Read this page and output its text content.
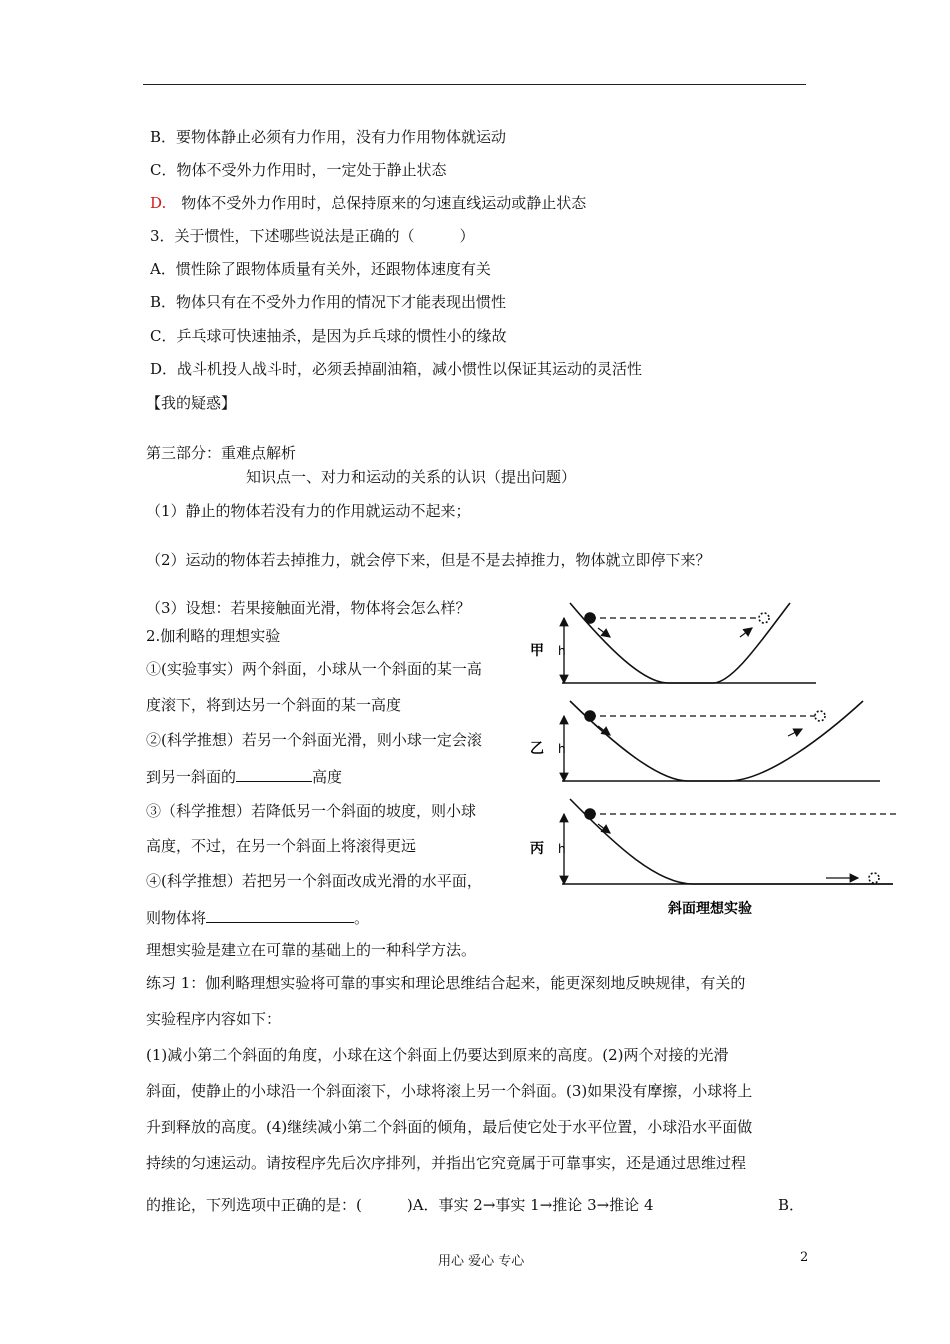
B．要物体静止必须有力作用，没有力作用物体就运动
C．物体不受外力作用时，一定处于静止状态
D.　 物体不受外力作用时，总保持原来的匀速直线运动或静止状态
3．关于惯性，下述哪些说法是正确的（　　　）
A．惯性除了跟物体质量有关外，还跟物体速度有关
B．物体只有在不受外力作用的情况下才能表现出惯性
C．乒乓球可快速抽杀，是因为乒乓球的惯性小的缘故
D．战斗机投人战斗时，必须丢掉副油箱，减小惯性以保证其运动的灵活性
【我的疑惑】
第三部分：重难点解析
知识点一、对力和运动的关系的认识（提出问题）
（1）静止的物体若没有力的作用就运动不起来；
（2）运动的物体若去掉推力，就会停下来，但是不是去掉推力，物体就立即停下来？
（3）设想：若果接触面光滑，物体将会怎么样？
2.伽利略的理想实验
①(实验事实）两个斜面，小球从一个斜面的某一高
度滚下，将到达另一个斜面的某一高度
②(科学推想）若另一个斜面光滑，则小球一定会滚
到另一斜面的	高度
③（科学推想）若降低另一个斜面的坡度，则小球
高度，不过，在另一个斜面上将滚得更远
④(科学推想）若把另一个斜面改成光滑的水平面，
则物体将	。
理想实验是建立在可靠的基础上的一种科学方法。
甲
乙
丙
h
h
h
斜面理想实验
练习 1：伽利略理想实验将可靠的事实和理论思维结合起来，能更深刻地反映规律，有关的
实验程序内容如下：
(1)减小第二个斜面的角度，小球在这个斜面上仍要达到原来的高度。(2)两个对接的光滑
斜面，使静止的小球沿一个斜面滚下，小球将滚上另一个斜面。(3)如果没有摩擦，小球将上
升到释放的高度。(4)继续减小第二个斜面的倾角，最后使它处于水平位置，小球沿水平面做
持续的匀速运动。请按程序先后次序排列，并指出它究竟属于可靠事实，还是通过思维过程
的推论，下列选项中正确的是：(　　　)A．事实 2→事实 1→推论 3→推论 4	B．
用心 爱心 专心	2
